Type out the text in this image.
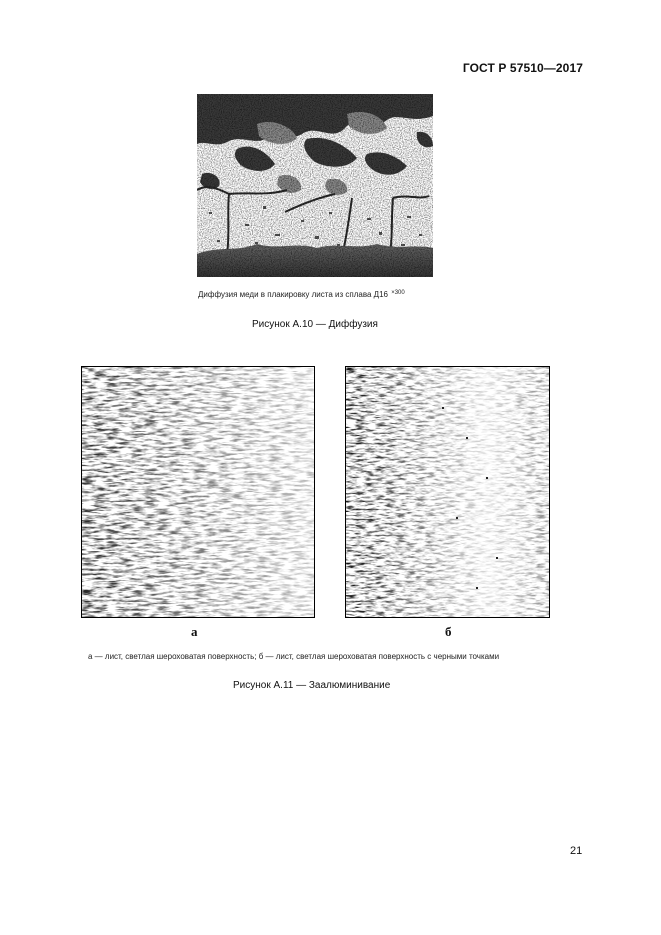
ГОСТ Р 57510—2017
Диффузия меди в плакировку листа из сплава Д16 $^{\times 300}$
Рисунок А.10 — Диффузия
а	б
а — лист, светлая шероховатая поверхность; б — лист, светлая шероховатая поверхность с черными точками
Рисунок А.11 — Заалюминивание
21
